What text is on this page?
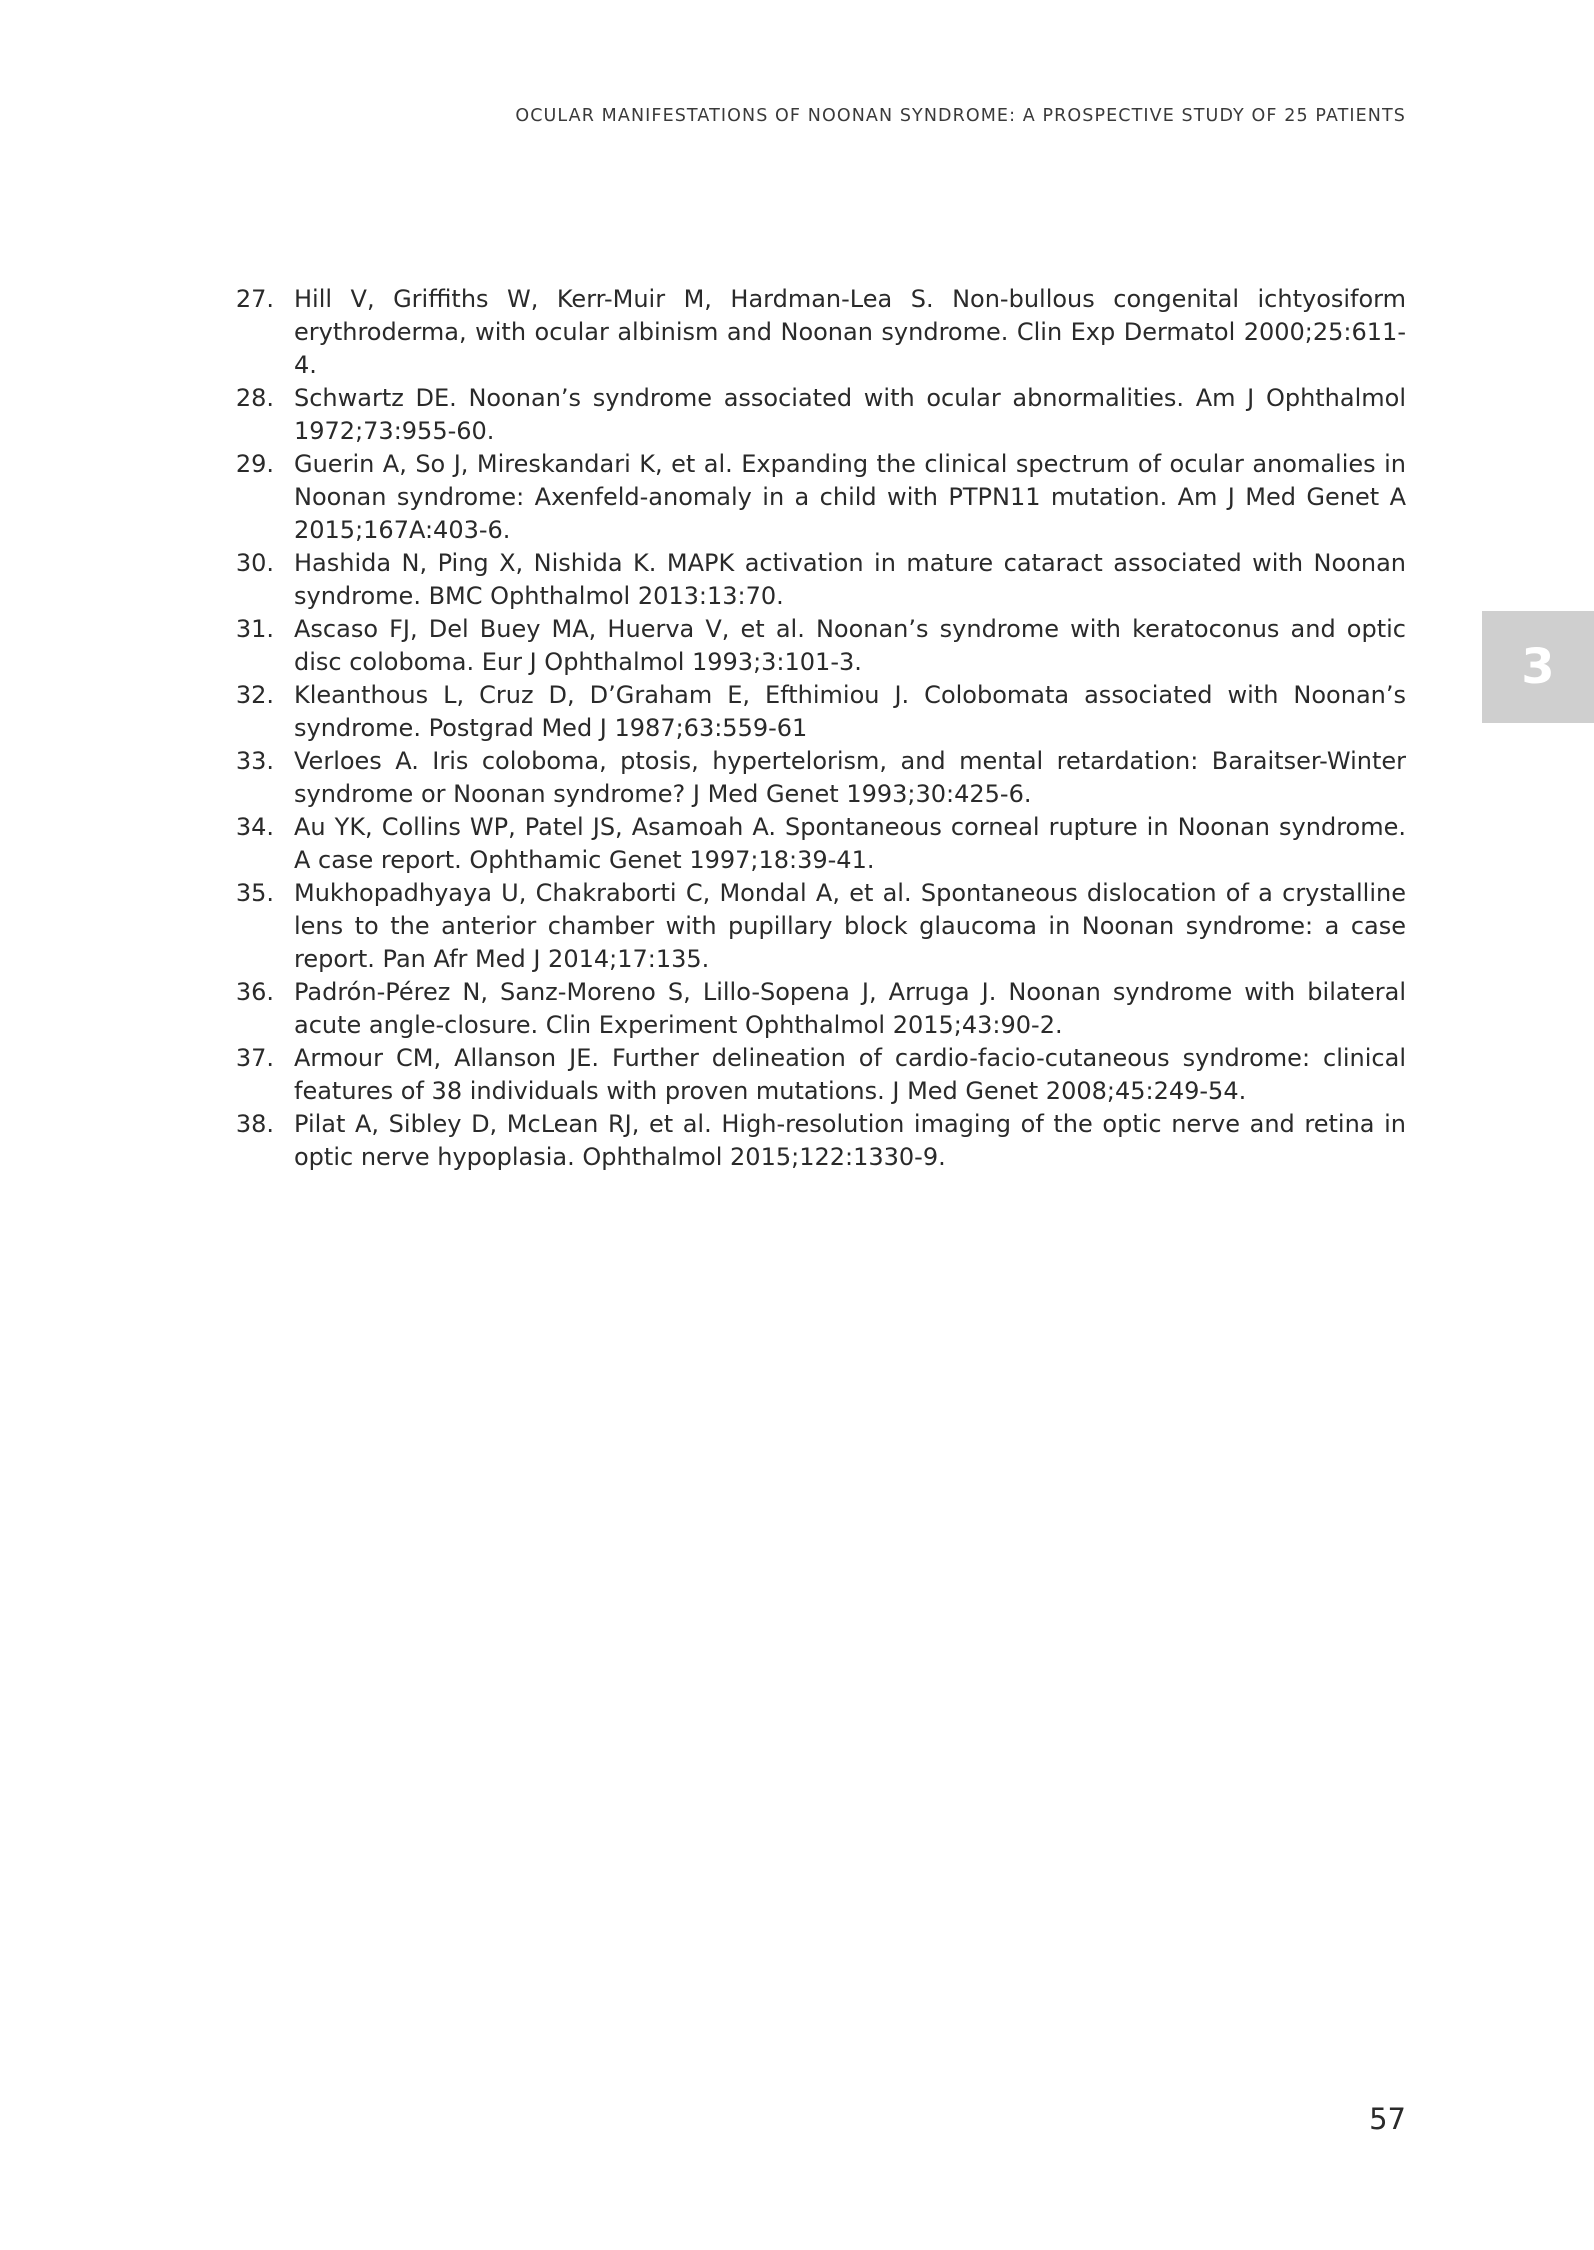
OCULAR MANIFESTATIONS OF NOONAN SYNDROME: A PROSPECTIVE STUDY OF 25 PATIENTS
27. Hill V, Griffiths W, Kerr-Muir M, Hardman-Lea S. Non-bullous congenital ichtyosiform erythroderma, with ocular albinism and Noonan syndrome. Clin Exp Dermatol 2000;25:611-4.
28. Schwartz DE. Noonan’s syndrome associated with ocular abnormalities. Am J Ophthalmol 1972;73:955-60.
29. Guerin A, So J, Mireskandari K, et al. Expanding the clinical spectrum of ocular anomalies in Noonan syndrome: Axenfeld-anomaly in a child with PTPN11 mutation. Am J Med Genet A 2015;167A:403-6.
30. Hashida N, Ping X, Nishida K. MAPK activation in mature cataract associated with Noonan syndrome. BMC Ophthalmol 2013:13:70.
31. Ascaso FJ, Del Buey MA, Huerva V, et al. Noonan’s syndrome with keratoconus and optic disc coloboma. Eur J Ophthalmol 1993;3:101-3.
32. Kleanthous L, Cruz D, D’Graham E, Efthimiou J. Colobomata associated with Noonan’s syndrome. Postgrad Med J 1987;63:559-61
33. Verloes A. Iris coloboma, ptosis, hypertelorism, and mental retardation: Baraitser-Winter syndrome or Noonan syndrome? J Med Genet 1993;30:425-6.
34. Au YK, Collins WP, Patel JS, Asamoah A. Spontaneous corneal rupture in Noonan syndrome. A case report. Ophthamic Genet 1997;18:39-41.
35. Mukhopadhyaya U, Chakraborti C, Mondal A, et al. Spontaneous dislocation of a crystalline lens to the anterior chamber with pupillary block glaucoma in Noonan syndrome: a case report. Pan Afr Med J 2014;17:135.
36. Padrón-Pérez N, Sanz-Moreno S, Lillo-Sopena J, Arruga J. Noonan syndrome with bilateral acute angle-closure. Clin Experiment Ophthalmol 2015;43:90-2.
37. Armour CM, Allanson JE. Further delineation of cardio-facio-cutaneous syndrome: clinical features of 38 individuals with proven mutations. J Med Genet 2008;45:249-54.
38. Pilat A, Sibley D, McLean RJ, et al. High-resolution imaging of the optic nerve and retina in optic nerve hypoplasia. Ophthalmol 2015;122:1330-9.
3
57
